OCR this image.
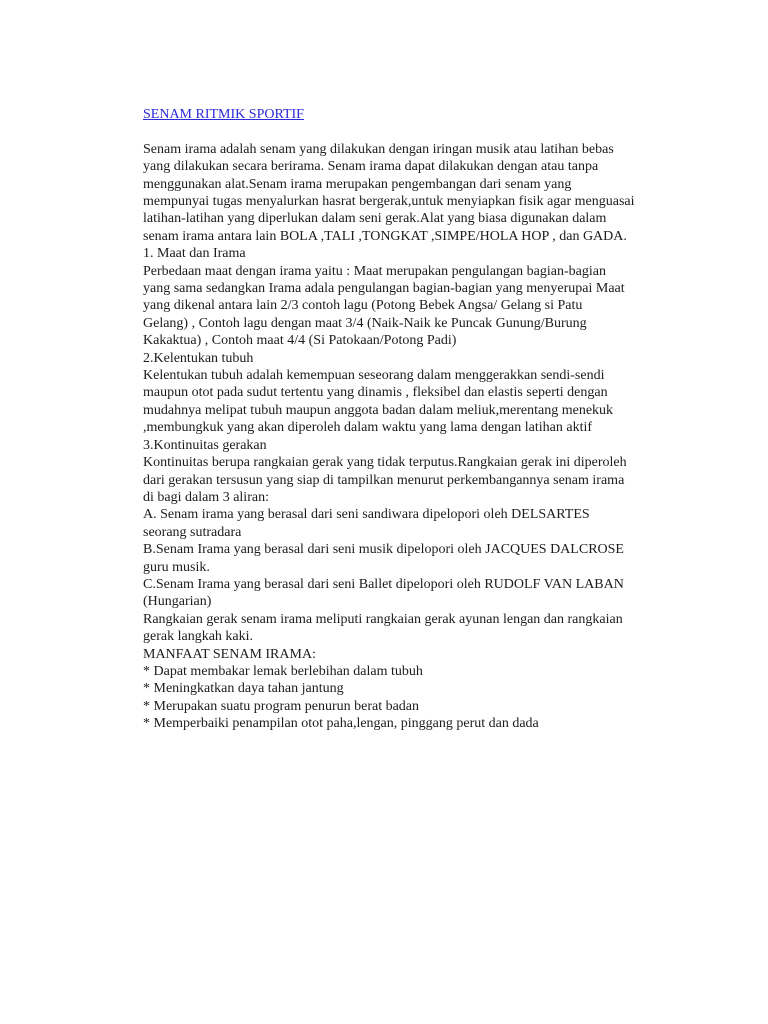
SENAM RITMIK SPORTIF
Senam irama adalah senam yang dilakukan dengan iringan musik atau latihan bebas
yang dilakukan secara berirama. Senam irama dapat dilakukan dengan atau tanpa
menggunakan alat.Senam irama merupakan pengembangan dari senam yang
mempunyai tugas menyalurkan hasrat bergerak,untuk menyiapkan fisik agar menguasai
latihan-latihan yang diperlukan dalam seni gerak.Alat yang biasa digunakan dalam
senam irama antara lain BOLA ,TALI ,TONGKAT ,SIMPE/HOLA HOP , dan GADA.
1. Maat dan Irama
Perbedaan maat dengan irama yaitu : Maat merupakan pengulangan bagian-bagian
yang sama sedangkan Irama adala pengulangan bagian-bagian yang menyerupai Maat
yang dikenal antara lain 2/3 contoh lagu (Potong Bebek Angsa/ Gelang si Patu
Gelang) , Contoh lagu dengan maat 3/4 (Naik-Naik ke Puncak Gunung/Burung
Kakaktua) , Contoh maat 4/4 (Si Patokaan/Potong Padi)
2.Kelentukan tubuh
Kelentukan tubuh adalah kemempuan seseorang dalam menggerakkan sendi-sendi
maupun otot pada sudut tertentu yang dinamis , fleksibel dan elastis seperti dengan
mudahnya melipat tubuh maupun anggota badan dalam meliuk,merentang menekuk
,membungkuk yang akan diperoleh dalam waktu yang lama dengan latihan aktif
3.Kontinuitas gerakan
Kontinuitas berupa rangkaian gerak yang tidak terputus.Rangkaian gerak ini diperoleh
dari gerakan tersusun yang siap di tampilkan menurut perkembangannya senam irama
di bagi dalam 3 aliran:
A. Senam irama yang berasal dari seni sandiwara dipelopori oleh DELSARTES
seorang sutradara
B.Senam Irama yang berasal dari seni musik dipelopori oleh JACQUES DALCROSE
guru musik.
C.Senam Irama yang berasal dari seni Ballet dipelopori oleh RUDOLF VAN LABAN
(Hungarian)
Rangkaian gerak senam irama meliputi rangkaian gerak ayunan lengan dan rangkaian
gerak langkah kaki.
MANFAAT SENAM IRAMA:
* Dapat membakar lemak berlebihan dalam tubuh
* Meningkatkan daya tahan jantung
* Merupakan suatu program penurun berat badan
* Memperbaiki penampilan otot paha,lengan, pinggang perut dan dada
